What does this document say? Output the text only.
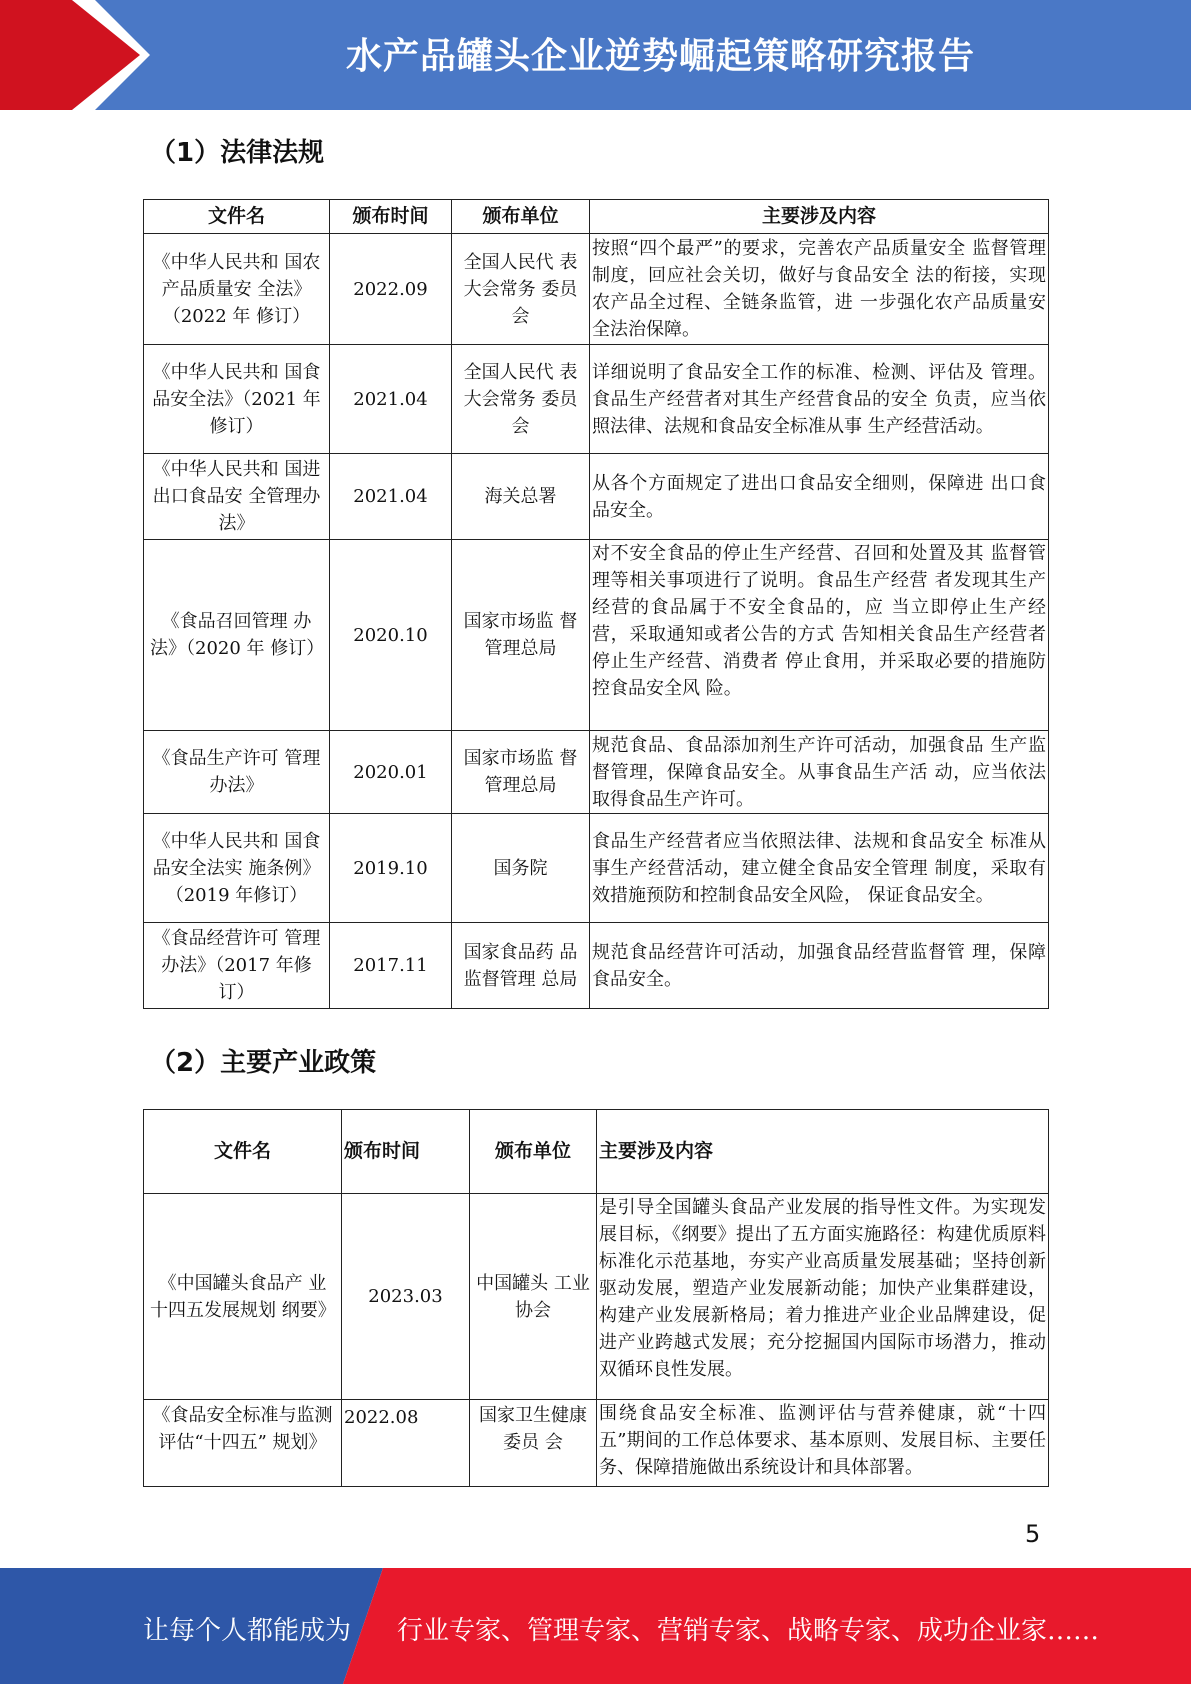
水产品罐头企业逆势崛起策略研究报告
（1）法律法规
文件名	颁布时间	颁布单位	主要涉及内容
《中华人民共和 国农产品质量安 全法》（2022 年 修订）	2022.09	全国人民代 表大会常务 委员会	按照“四个最严”的要求，完善农产品质量安全 监督管理制度，回应社会关切，做好与食品安全 法的衔接，实现农产品全过程、全链条监管，进 一步强化农产品质量安全法治保障。
《中华人民共和 国食品安全法》（2021 年修订）	2021.04	全国人民代 表大会常务 委员会	详细说明了食品安全工作的标准、检测、评估及 管理。食品生产经营者对其生产经营食品的安全 负责，应当依照法律、法规和食品安全标准从事 生产经营活动。
《中华人民共和 国进出口食品安 全管理办法》	2021.04	海关总署	从各个方面规定了进出口食品安全细则，保障进 出口食品安全。
《食品召回管理 办法》（2020 年 修订）	2020.10	国家市场监 督管理总局	对不安全食品的停止生产经营、召回和处置及其 监督管理等相关事项进行了说明。食品生产经营 者发现其生产经营的食品属于不安全食品的，应 当立即停止生产经营，采取通知或者公告的方式 告知相关食品生产经营者停止生产经营、消费者 停止食用，并采取必要的措施防控食品安全风 险。
《食品生产许可 管理办法》	2020.01	国家市场监 督管理总局	规范食品、食品添加剂生产许可活动，加强食品 生产监督管理，保障食品安全。从事食品生产活 动，应当依法取得食品生产许可。
《中华人民共和 国食品安全法实 施条例》（2019 年修订）	2019.10	国务院	食品生产经营者应当依照法律、法规和食品安全 标准从事生产经营活动，建立健全食品安全管理 制度，采取有效措施预防和控制食品安全风险， 保证食品安全。
《食品经营许可 管理办法》（2017 年修订）	2017.11	国家食品药 品监督管理 总局	规范食品经营许可活动，加强食品经营监督管 理，保障食品安全。
（2）主要产业政策
文件名	颁布时间	颁布单位	主要涉及内容
《中国罐头食品产 业十四五发展规划 纲要》	2023.03	中国罐头 工业协会	是引导全国罐头食品产业发展的指导性文件。为实现发展目标，《纲要》提出了五方面实施路径：构建优质原料标准化示范基地，夯实产业高质量发展基础；坚持创新驱动发展，塑造产业发展新动能；加快产业集群建设，构建产业发展新格局；着力推进产业企业品牌建设，促进产业跨越式发展；充分挖掘国内国际市场潜力，推动双循环良性发展。

《食品安全标准与监测评估“十四五” 规划》	2022.08	国家卫生健康委员 会	围绕食品安全标准、监测评估与营养健康，就“十四五”期间的工作总体要求、基本原则、发展目标、主要任务、保障措施做出系统设计和具体部署。
5
让每个人都能成为 行业专家、管理专家、营销专家、战略专家、成功企业家……
